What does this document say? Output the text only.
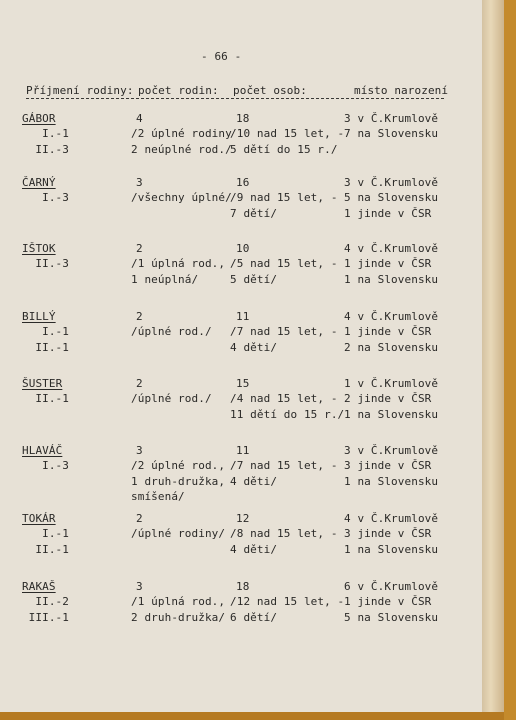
- 66 -
Příjmení rodiny: počet rodin: počet osob:	místo narození
GÁBOR
I.-1
II.-3
4
/2 úplné rodiny
2 neúplné rod./
18
/10 nad 15 let, -
5 dětí do 15 r./
3 v Č.Krumlově
7 na Slovensku
ČARNÝ
I.-3
3
/všechny úplné/
16
/9 nad 15 let, -
7 dětí/
3 v Č.Krumlově
5 na Slovensku
1 jinde v ČSR
IŠTOK
II.-3
2
/1 úplná rod.,
1 neúplná/
10
/5 nad 15 let, -
5 dětí/
4 v Č.Krumlově
1 jinde v ČSR
1 na Slovensku
BILLÝ
I.-1
II.-1
2
/úplné rod./
11
/7 nad 15 let, -
4 děti/
4 v Č.Krumlově
1 jinde v ČSR
2 na Slovensku
ŠUSTER
II.-1
2
/úplné rod./
15
/4 nad 15 let, -
11 dětí do 15 r./
1 v Č.Krumlově
2 jinde v ČSR
1 na Slovensku
HLAVÁČ
I.-3
3
/2 úplné rod.,
1 druh-družka,
smíšená/
11
/7 nad 15 let, -
4 děti/
3 v Č.Krumlově
3 jinde v ČSR
1 na Slovensku
TOKÁR
I.-1
II.-1
2
/úplné rodiny/
12
/8 nad 15 let, -
4 děti/
4 v Č.Krumlově
3 jinde v ČSR
1 na Slovensku
RAKAŠ
II.-2
III.-1
3
/1 úplná rod.,
2 druh-družka/
18
/12 nad 15 let, -
6 dětí/
6 v Č.Krumlově
1 jinde v ČSR
5 na Slovensku
